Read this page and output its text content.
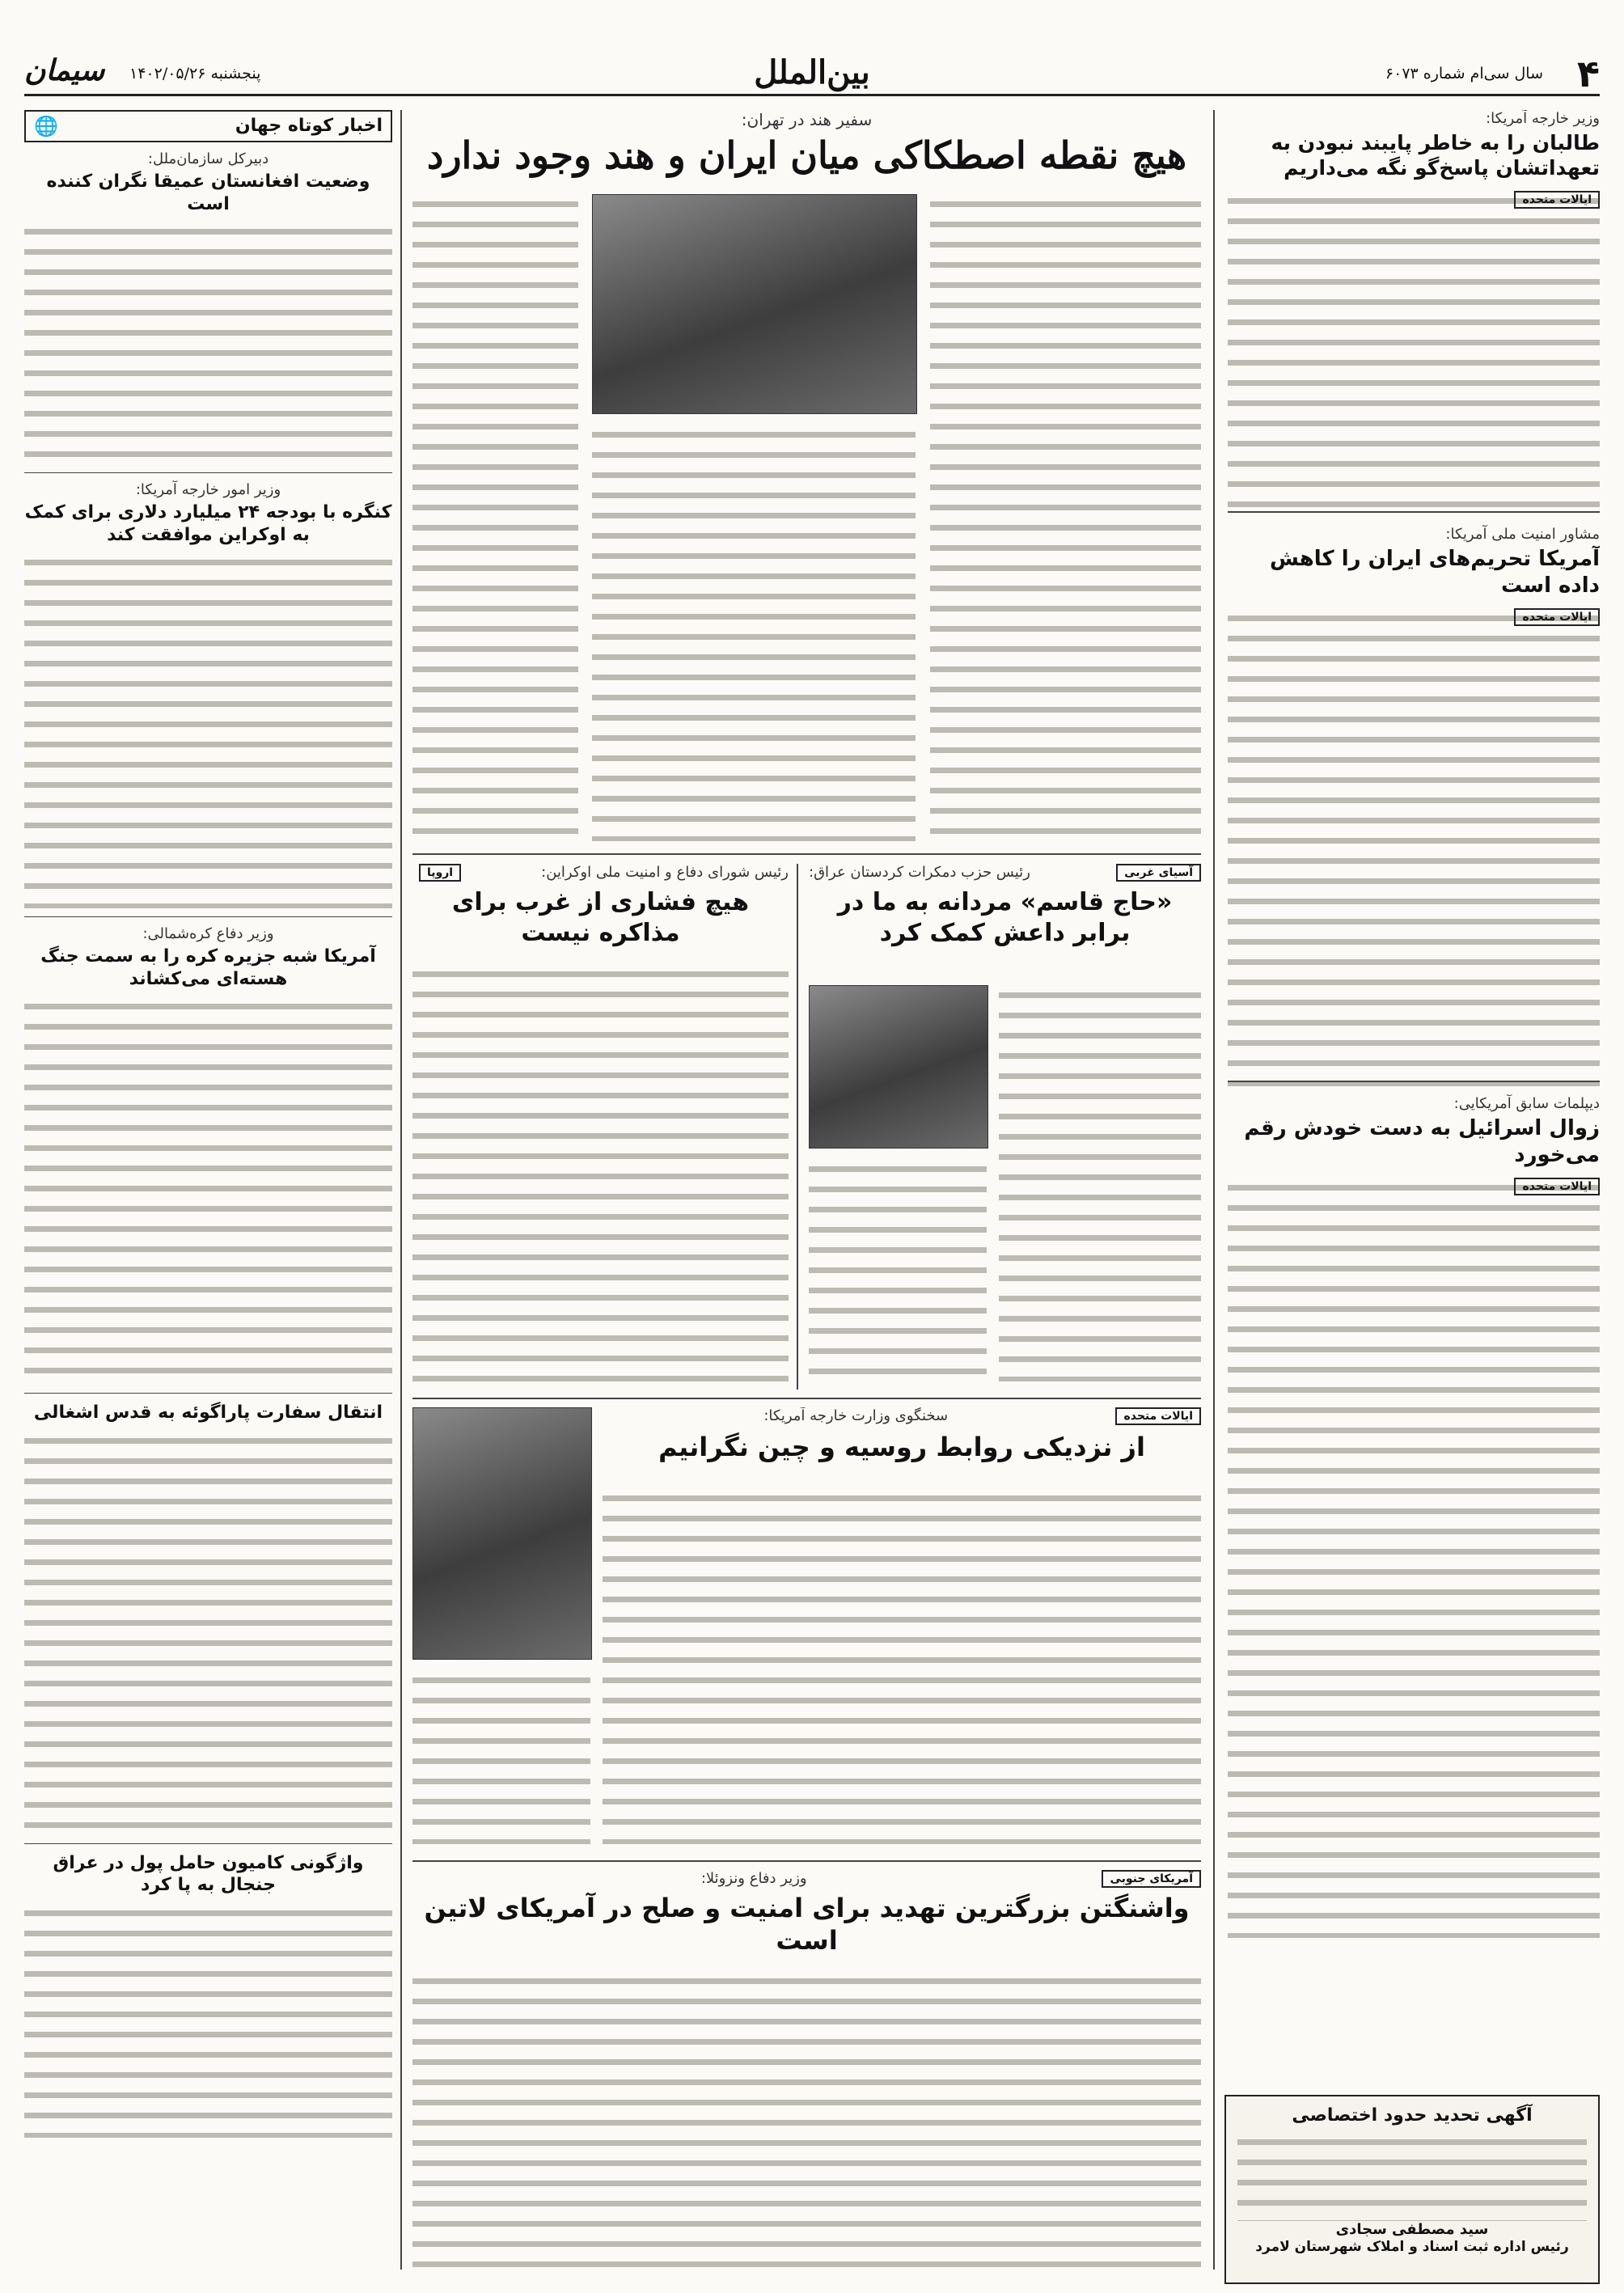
۴
سال سی‌ام شماره ۶۰۷۳
بین‌الملل
پنجشنبه ۱۴۰۲/۰۵/۲۶
سیمان
وزیر خارجه آمریکا:
طالبان را به خاطر پایبند نبودن به تعهداتشان پاسخ‌گو نگه می‌داریم
ایالات متحده
مشاور امنیت ملی آمریکا:
آمریکا تحریم‌های ایران را کاهش داده است
ایالات متحده
دیپلمات سابق آمریکایی:
زوال اسرائیل به دست خودش رقم می‌خورد
ایالات متحده
آگهی تحدید حدود اختصاصی
سید مصطفی سجادی
رئیس اداره ثبت اسناد و املاک شهرستان لامرد
سفیر هند در تهران:
هیچ نقطه اصطکاکی میان ایران و هند وجود ندارد
آسیای غربی
رئیس حزب دمکرات کردستان عراق:
«حاج قاسم» مردانه به ما در برابر داعش کمک کرد
اروپا	رئیس شورای دفاع و امنیت ملی اوکراین:
هیچ فشاری از غرب برای مذاکره نیست
ایالات متحده
سخنگوی وزارت خارجه آمریکا:
از نزدیکی روابط روسیه و چین نگرانیم
آمریکای جنوبی
وزیر دفاع ونزوئلا:
واشنگتن بزرگترین تهدید برای امنیت و صلح در آمریکای لاتین است
اخبار کوتاه جهان
🌐
دبیرکل سازمان‌ملل:
وضعیت افغانستان عمیقا نگران کننده است
وزیر امور خارجه آمریکا:
کنگره با بودجه ۲۴ میلیارد دلاری برای کمک به اوکراین موافقت کند
وزیر دفاع کره‌شمالی:
آمریکا شبه جزیره کره را به سمت جنگ هسته‌ای می‌کشاند
انتقال سفارت پاراگوئه به قدس اشغالی
واژگونی کامیون حامل پول در عراق جنجال به پا کرد
